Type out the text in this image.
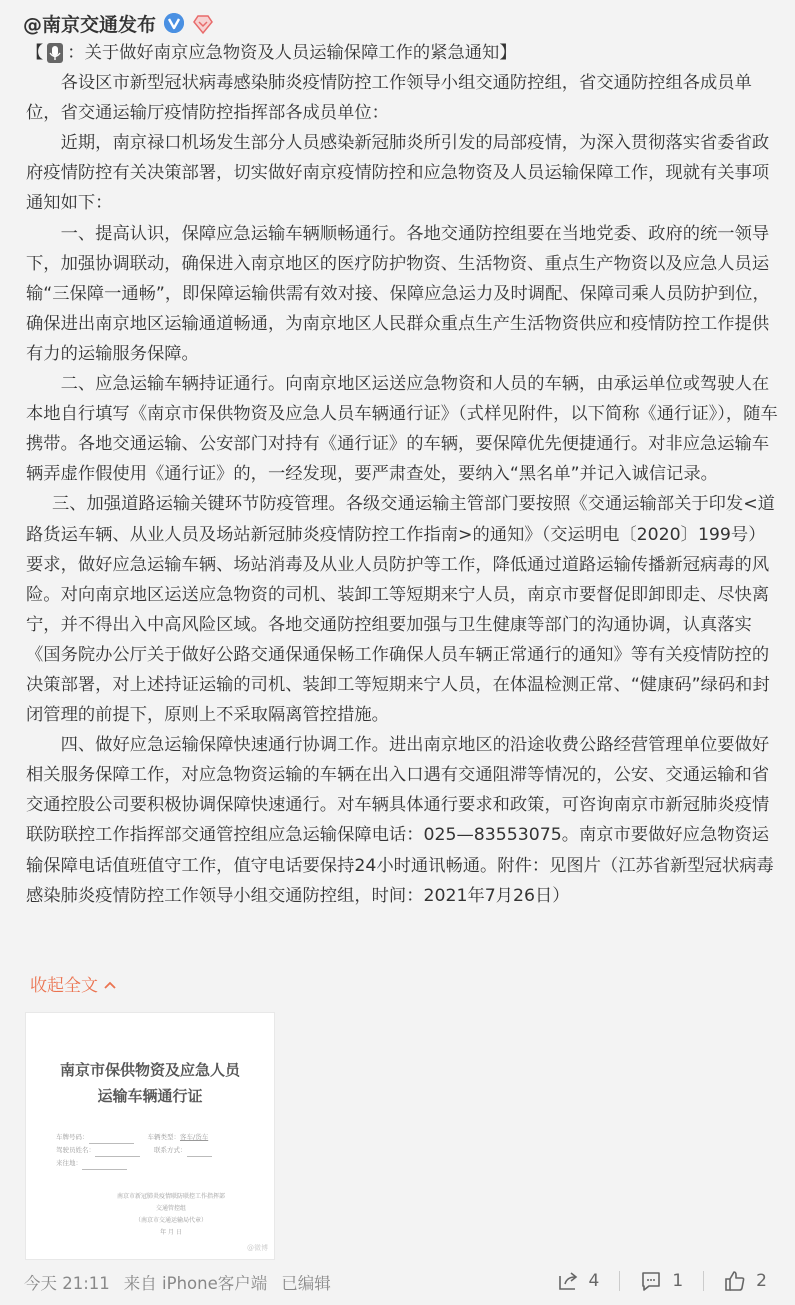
@南京交通发布

【 ：关于做好南京应急物资及人员运输保障工作的紧急通知】

各设区市新型冠状病毒感染肺炎疫情防控工作领导小组交通防控组，省交通防控组各成员单位，省交通运输厅疫情防控指挥部各成员单位：

近期，南京禄口机场发生部分人员感染新冠肺炎所引发的局部疫情，为深入贯彻落实省委省政府疫情防控有关决策部署，切实做好南京疫情防控和应急物资及人员运输保障工作，现就有关事项通知如下：

一、提高认识，保障应急运输车辆顺畅通行。各地交通防控组要在当地党委、政府的统一领导下，加强协调联动，确保进入南京地区的医疗防护物资、生活物资、重点生产物资以及应急人员运输“三保障一通畅”，即保障运输供需有效对接、保障应急运力及时调配、保障司乘人员防护到位，确保进出南京地区运输通道畅通，为南京地区人民群众重点生产生活物资供应和疫情防控工作提供有力的运输服务保障。

二、应急运输车辆持证通行。向南京地区运送应急物资和人员的车辆，由承运单位或驾驶人在本地自行填写《南京市保供物资及应急人员车辆通行证》（式样见附件，以下简称《通行证》），随车携带。各地交通运输、公安部门对持有《通行证》的车辆，要保障优先便捷通行。对非应急运输车辆弄虚作假使用《通行证》的，一经发现，要严肃查处，要纳入“黑名单”并记入诚信记录。

三、加强道路运输关键环节防疫管理。各级交通运输主管部门要按照《交通运输部关于印发<道路货运车辆、从业人员及场站新冠肺炎疫情防控工作指南>的通知》（交运明电〔2020〕199号）要求，做好应急运输车辆、场站消毒及从业人员防护等工作，降低通过道路运输传播新冠病毒的风险。对向南京地区运送应急物资的司机、装卸工等短期来宁人员，南京市要督促即卸即走、尽快离宁，并不得出入中高风险区域。各地交通防控组要加强与卫生健康等部门的沟通协调，认真落实《国务院办公厅关于做好公路交通保通保畅工作确保人员车辆正常通行的通知》等有关疫情防控的决策部署，对上述持证运输的司机、装卸工等短期来宁人员，在体温检测正常、“健康码”绿码和封闭管理的前提下，原则上不采取隔离管控措施。

四、做好应急运输保障快速通行协调工作。进出南京地区的沿途收费公路经营管理单位要做好相关服务保障工作，对应急物资运输的车辆在出入口遇有交通阻滞等情况的，公安、交通运输和省交通控股公司要积极协调保障快速通行。对车辆具体通行要求和政策，可咨询南京市新冠肺炎疫情联防联控工作指挥部交通管控组应急运输保障电话：025—83553075。南京市要做好应急物资运输保障电话值班值守工作，值守电话要保持24小时通讯畅通。附件：见图片（江苏省新型冠状病毒感染肺炎疫情防控工作领导小组交通防控组，时间：2021年7月26日）

收起全文
南京市保供物资及应急人员
运输车辆通行证
车牌号码：	车辆类型：客车/货车
驾驶员姓名：	联系方式：
来往地：
南京市新冠肺炎疫情联防联控工作指挥部
交通管控组
（南京市交通运输局代章）
年 月 日
@微博
今天 21:11 来自 iPhone客户端 已编辑	4	1	2
